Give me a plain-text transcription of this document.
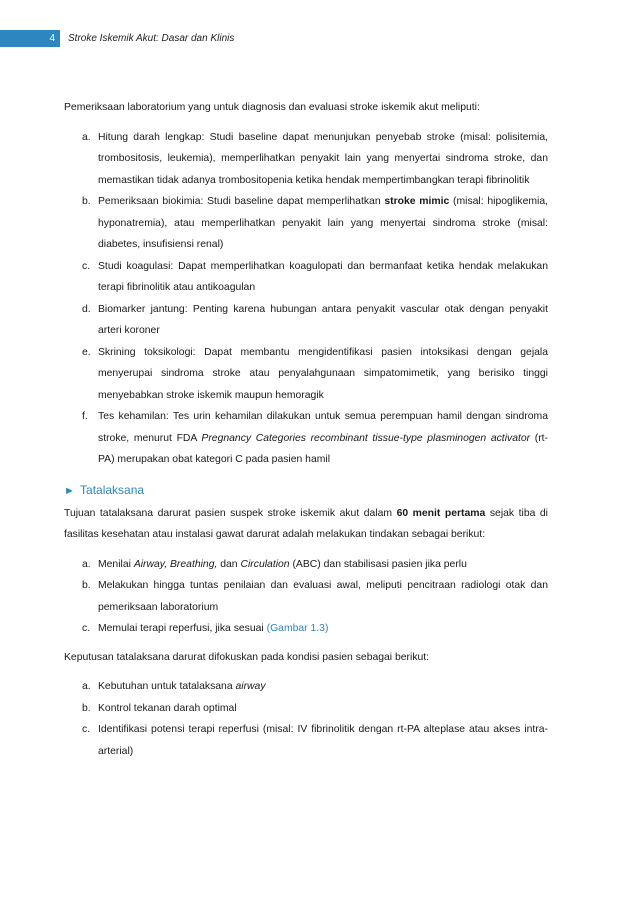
4	Stroke Iskemik Akut: Dasar dan Klinis

Pemeriksaan laboratorium yang untuk diagnosis dan evaluasi stroke iskemik akut meliputi:

a. Hitung darah lengkap: Studi baseline dapat menunjukan penyebab stroke (misal: polisitemia, trombositosis, leukemia), memperlihatkan penyakit lain yang menyertai sindroma stroke, dan memastikan tidak adanya trombositopenia ketika hendak mempertimbangkan terapi fibrinolitik
b. Pemeriksaan biokimia: Studi baseline dapat memperlihatkan stroke mimic (misal: hipoglikemia, hyponatremia), atau memperlihatkan penyakit lain yang menyertai sindroma stroke (misal: diabetes, insufisiensi renal)
c. Studi koagulasi: Dapat memperlihatkan koagulopati dan bermanfaat ketika hendak melakukan terapi fibrinolitik atau antikoagulan
d. Biomarker jantung: Penting karena hubungan antara penyakit vascular otak dengan penyakit arteri koroner
e. Skrining toksikologi: Dapat membantu mengidentifikasi pasien intoksikasi dengan gejala menyerupai sindroma stroke atau penyalahgunaan simpatomimetik, yang berisiko tinggi menyebabkan stroke iskemik maupun hemoragik
f. Tes kehamilan: Tes urin kehamilan dilakukan untuk semua perempuan hamil dengan sindroma stroke, menurut FDA Pregnancy Categories recombinant tissue-type plasminogen activator (rt-PA) merupakan obat kategori C pada pasien hamil
► Tatalaksana

Tujuan tatalaksana darurat pasien suspek stroke iskemik akut dalam 60 menit pertama sejak tiba di fasilitas kesehatan atau instalasi gawat darurat adalah melakukan tindakan sebagai berikut:

a. Menilai Airway, Breathing, dan Circulation (ABC) dan stabilisasi pasien jika perlu
b. Melakukan hingga tuntas penilaian dan evaluasi awal, meliputi pencitraan radiologi otak dan pemeriksaan laboratorium
c. Memulai terapi reperfusi, jika sesuai (Gambar 1.3)

Keputusan tatalaksana darurat difokuskan pada kondisi pasien sebagai berikut:

a. Kebutuhan untuk tatalaksana airway
b. Kontrol tekanan darah optimal
c. Identifikasi potensi terapi reperfusi (misal: IV fibrinolitik dengan rt-PA alteplase atau akses intra-arterial)
